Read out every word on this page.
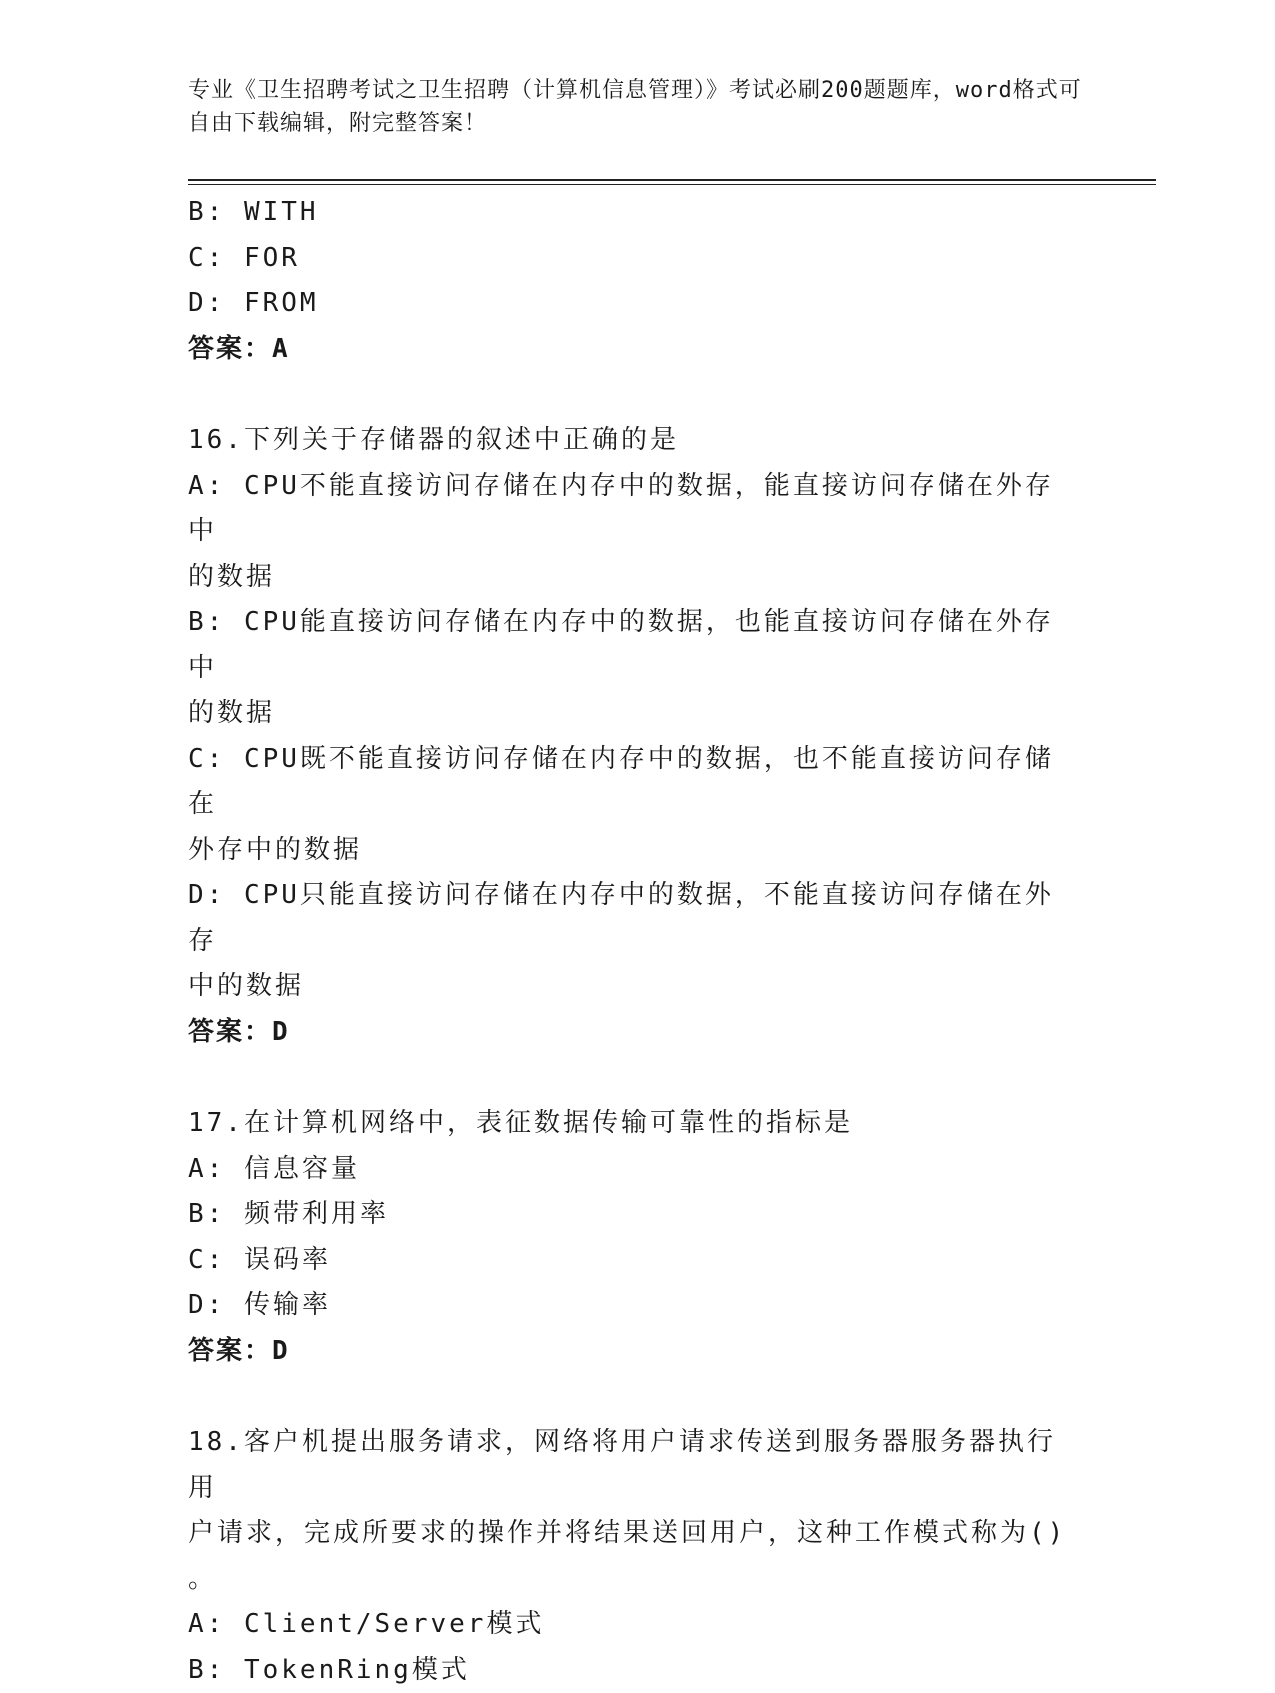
专业《卫生招聘考试之卫生招聘（计算机信息管理）》考试必刷200题题库，word格式可自由下载编辑，附完整答案！
B: WITH
C: FOR
D: FROM
答案：A
16.下列关于存储器的叙述中正确的是
A: CPU不能直接访问存储在内存中的数据，能直接访问存储在外存中
的数据
B: CPU能直接访问存储在内存中的数据，也能直接访问存储在外存中
的数据
C: CPU既不能直接访问存储在内存中的数据，也不能直接访问存储在
外存中的数据
D: CPU只能直接访问存储在内存中的数据，不能直接访问存储在外存
中的数据
答案：D
17.在计算机网络中，表征数据传输可靠性的指标是
A: 信息容量
B: 频带利用率
C: 误码率
D: 传输率
答案：D
18.客户机提出服务请求，网络将用户请求传送到服务器服务器执行用
户请求，完成所要求的操作并将结果送回用户，这种工作模式称为()
。
A: Client/Server模式
B: TokenRing模式
